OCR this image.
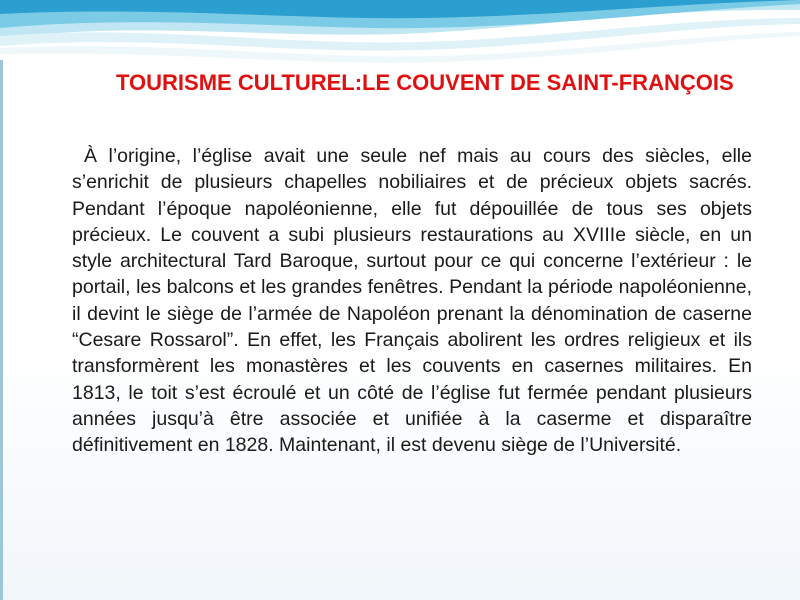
TOURISME CULTUREL:LE COUVENT DE SAINT-FRANÇOIS

À l’origine, l’église avait une seule nef mais au cours des siècles, elle s’enrichit de plusieurs chapelles nobiliaires et de précieux objets sacrés. Pendant l’époque napoléonienne, elle fut dépouillée de tous ses objets précieux. Le couvent a subi plusieurs restaurations au XVIIIe siècle, en un style architectural Tard Baroque, surtout pour ce qui concerne l’extérieur : le portail, les balcons et les grandes fenêtres. Pendant la période napoléonienne, il devint le siège de l’armée de Napoléon prenant la dénomination de caserne “Cesare Rossarol”. En effet, les Français abolirent les ordres religieux et ils transformèrent les monastères et les couvents en casernes militaires. En 1813, le toit s’est écroulé et un côté de l’église fut fermée pendant plusieurs années jusqu’à être associée et unifiée à la caserme et disparaître définitivement en 1828. Maintenant, il est devenu siège de l’Université.
